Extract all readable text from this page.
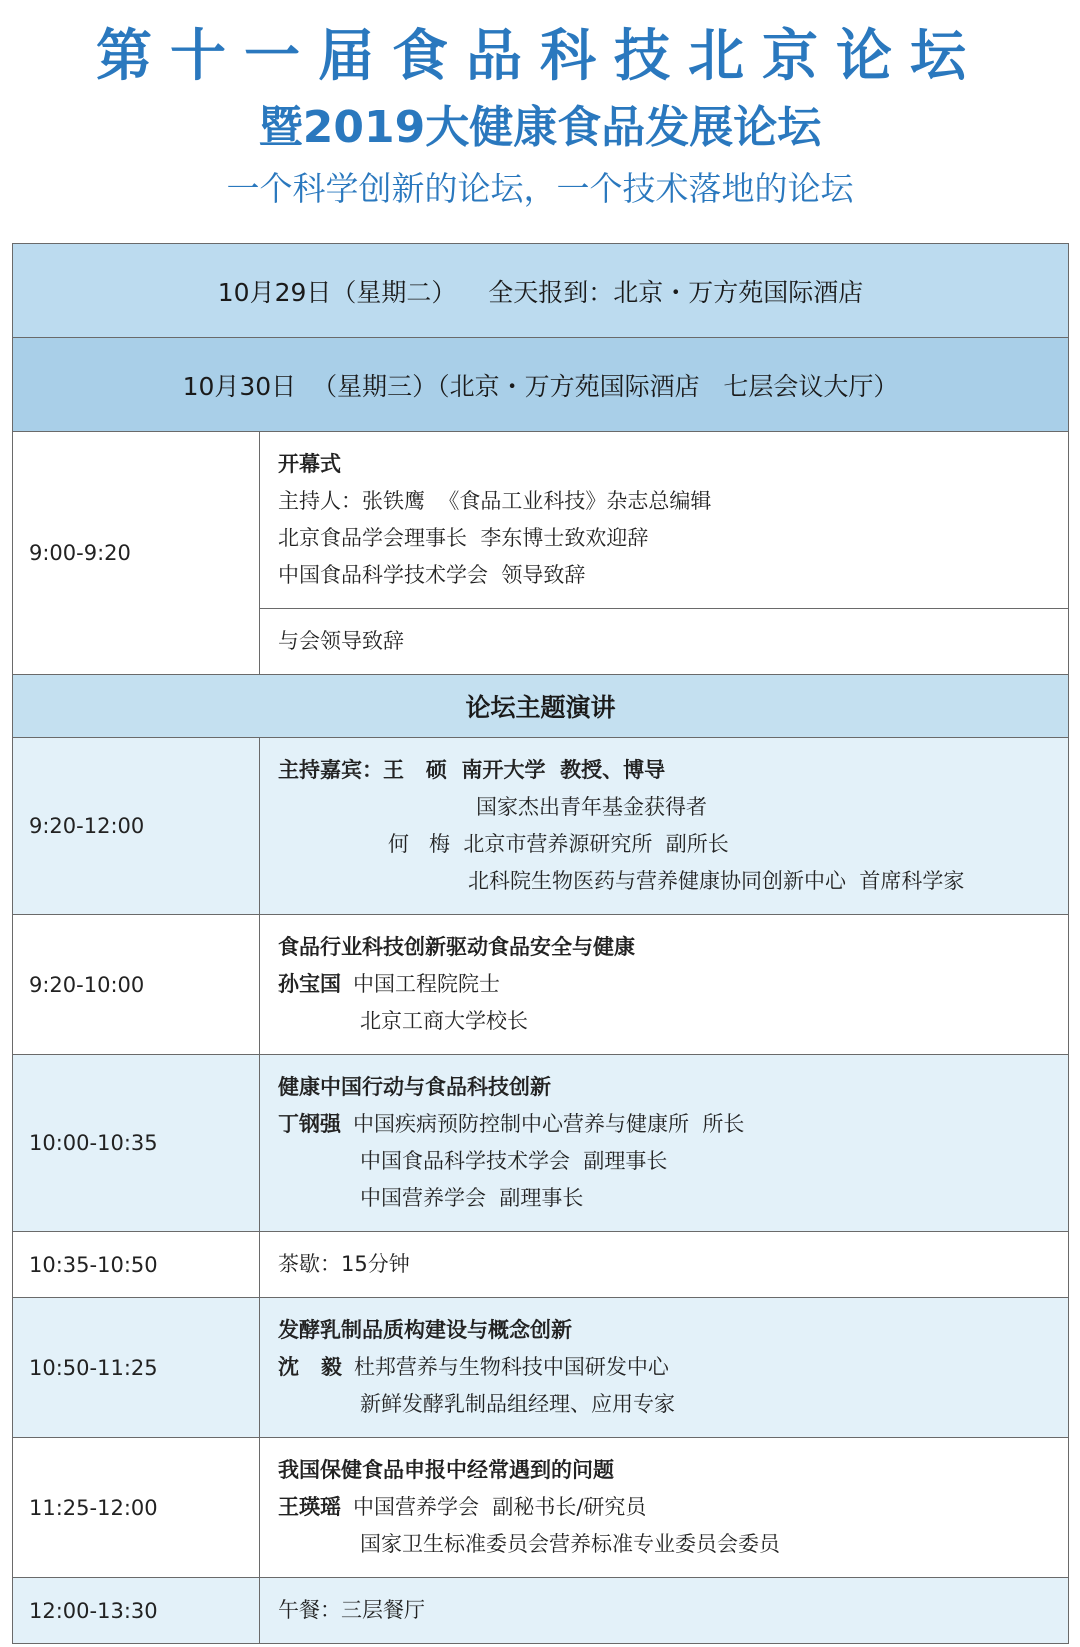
第十一届食品科技北京论坛
暨2019大健康食品发展论坛
一个科学创新的论坛，一个技术落地的论坛
10月29日（星期二）    全天报到：北京・万方苑国际酒店	
10月30日  （星期三）（北京・万方苑国际酒店   七层会议大厅）	
9:00-9:20	开幕式
主持人：张铁鹰  《食品工业科技》杂志总编辑
北京食品学会理事长  李东博士致欢迎辞
中国食品科学技术学会  领导致辞

	与会领导致辞
论坛主题演讲	
9:20-12:00	主持嘉宾：王   硕  南开大学  教授、博导
国家杰出青年基金获得者
何   梅  北京市营养源研究所  副所长
北科院生物医药与营养健康协同创新中心  首席科学家

9:20-10:00	食品行业科技创新驱动食品安全与健康
孙宝国 中国工程院院士
北京工商大学校长

10:00-10:35	健康中国行动与食品科技创新
丁钢强 中国疾病预防控制中心营养与健康所  所长
中国食品科学技术学会  副理事长
中国营养学会  副理事长

10:35-10:50	茶歇：15分钟
10:50-11:25	发酵乳制品质构建设与概念创新
沈   毅 杜邦营养与生物科技中国研发中心
新鲜发酵乳制品组经理、应用专家

11:25-12:00	我国保健食品申报中经常遇到的问题
王瑛瑶 中国营养学会  副秘书长/研究员
国家卫生标准委员会营养标准专业委员会委员

12:00-13:30	午餐：三层餐厅
